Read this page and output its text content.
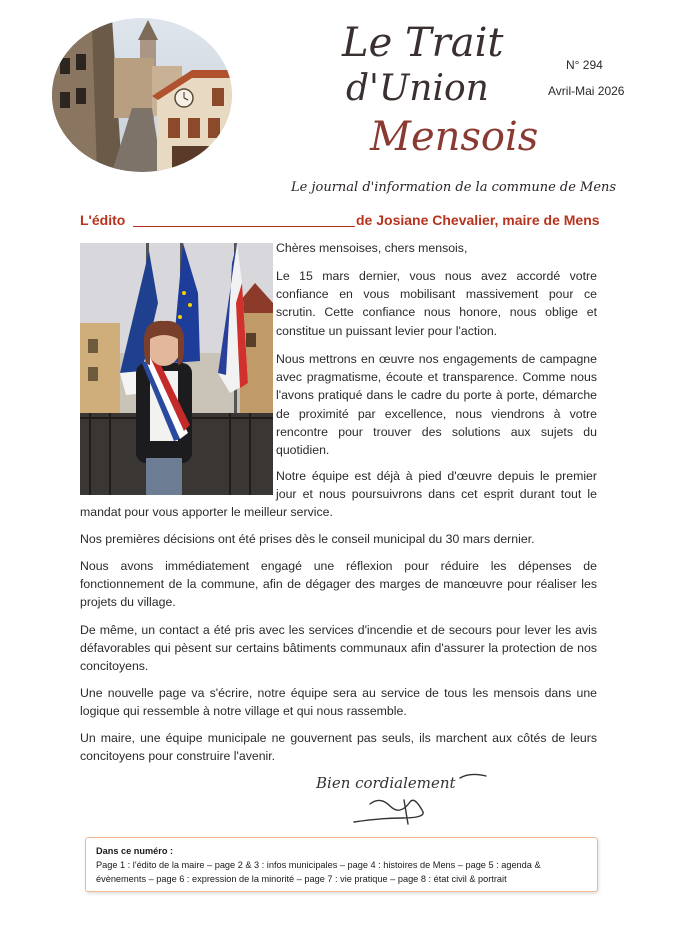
Le Trait
d'Union
Mensois
N° 294
Avril-Mai 2026
Le journal d'information de la commune de Mens
L'édito	de Josiane Chevalier, maire de Mens

Chères mensoises, chers mensois,

Le 15 mars dernier, vous nous avez accordé votre confiance en vous mobilisant massivement pour ce scrutin. Cette confiance nous honore, nous oblige et constitue un puissant levier pour l'action.

Nous mettrons en œuvre nos engagements de campagne avec pragmatisme, écoute et transparence. Comme nous l'avons pratiqué dans le cadre du porte à porte, démarche de proximité par excellence, nous viendrons à votre rencontre pour trouver des solutions aux sujets du quotidien.

Notre équipe est déjà à pied d'œuvre depuis le premier jour et nous poursuivrons dans cet esprit durant tout le mandat pour vous apporter le meilleur service.

Nos premières décisions ont été prises dès le conseil municipal du 30 mars dernier.

Nous avons immédiatement engagé une réflexion pour réduire les dépenses de fonctionnement de la commune, afin de dégager des marges de manœuvre pour réaliser les projets du village.

De même, un contact a été pris avec les services d'incendie et de secours pour lever les avis défavorables qui pèsent sur certains bâtiments communaux afin d'assurer la protection de nos concitoyens.

Une nouvelle page va s'écrire, notre équipe sera au service de tous les mensois dans une logique qui ressemble à notre village et qui nous rassemble.

Un maire, une équipe municipale ne gouvernent pas seuls, ils marchent aux côtés de leurs concitoyens pour construire l'avenir.

Bien cordialement
Dans ce numéro :
Page 1 : l'édito de la maire – page 2 & 3 : infos municipales – page 4 : histoires de Mens – page 5 : agenda & évènements – page 6 : expression de la minorité – page 7 : vie pratique – page 8 : état civil & portrait
